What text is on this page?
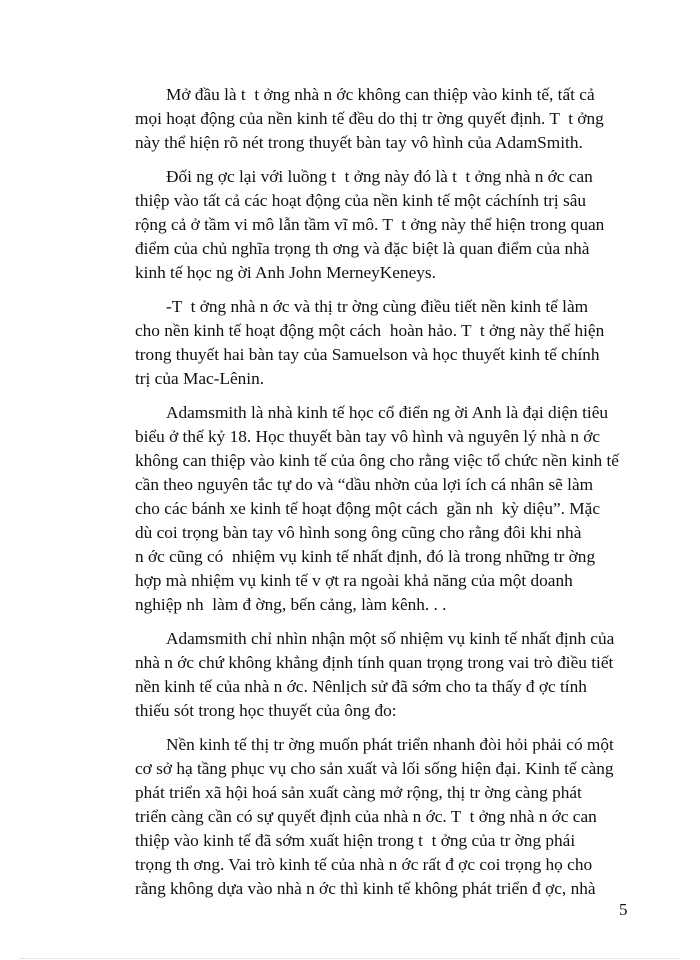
Mở đầu là t  t ởng nhà n ớc không can thiệp vào kinh tế, tất cả
mọi hoạt động của nền kinh tế đều do thị tr ờng quyết định. T  t ởng
này thể hiện rõ nét trong thuyết bàn tay vô hình của AdamSmith.
Đối ng ợc lại với luồng t  t ởng này đó là t  t ởng nhà n ớc can
thiệp vào tất cả các hoạt động của nền kinh tế một cáchính trị sâu
rộng cả ở tầm vi mô lẫn tầm vĩ mô. T  t ởng này thể hiện trong quan
điểm của chủ nghĩa trọng th ơng và đặc biệt là quan điểm của nhà
kinh tế học ng ời Anh John MerneyKeneys.
-T  t ởng nhà n ớc và thị tr ờng cùng điều tiết nền kinh tế làm
cho nền kinh tế hoạt động một cách  hoàn hảo. T  t ởng này thể hiện
trong thuyết hai bàn tay của Samuelson và học thuyết kinh tế chính
trị của Mac-Lênin.
Adamsmith là nhà kinh tế học cổ điển ng ời Anh là đại diện tiêu
biểu ở thế kỷ 18. Học thuyết bàn tay vô hình và nguyên lý nhà n ớc
không can thiệp vào kinh tế của ông cho rằng việc tổ chức nền kinh tế
cần theo nguyên tắc tự do và “dầu nhờn của lợi ích cá nhân sẽ làm
cho các bánh xe kinh tế hoạt động một cách  gần nh  kỳ diệu”. Mặc
dù coi trọng bàn tay vô hình song ông cũng cho rằng đôi khi nhà
n ớc cũng có  nhiệm vụ kinh tế nhất định, đó là trong những tr ờng
hợp mà nhiệm vụ kinh tế v ợt ra ngoài khả năng của một doanh
nghiệp nh  làm đ ờng, bến cảng, làm kênh. . .
Adamsmith chỉ nhìn nhận một số nhiệm vụ kinh tế nhất định của
nhà n ớc chứ không khẳng định tính quan trọng trong vai trò điều tiết
nền kinh tế của nhà n ớc. Nênlịch sử đã sớm cho ta thấy đ ợc tính
thiếu sót trong học thuyết của ông đo:
Nền kinh tế thị tr ờng muốn phát triển nhanh đòi hỏi phải có một
cơ sở hạ tầng phục vụ cho sản xuất và lối sống hiện đại. Kinh tế càng
phát triển xã hội hoá sản xuất càng mở rộng, thị tr ờng càng phát
triển càng cần có sự quyết định của nhà n ớc. T  t ởng nhà n ớc can
thiệp vào kinh tế đã sớm xuất hiện trong t  t ởng của tr ờng phái
trọng th ơng. Vai trò kinh tế của nhà n ớc rất đ ợc coi trọng họ cho
rằng không dựa vào nhà n ớc thì kinh tế không phát triển đ ợc, nhà
5
